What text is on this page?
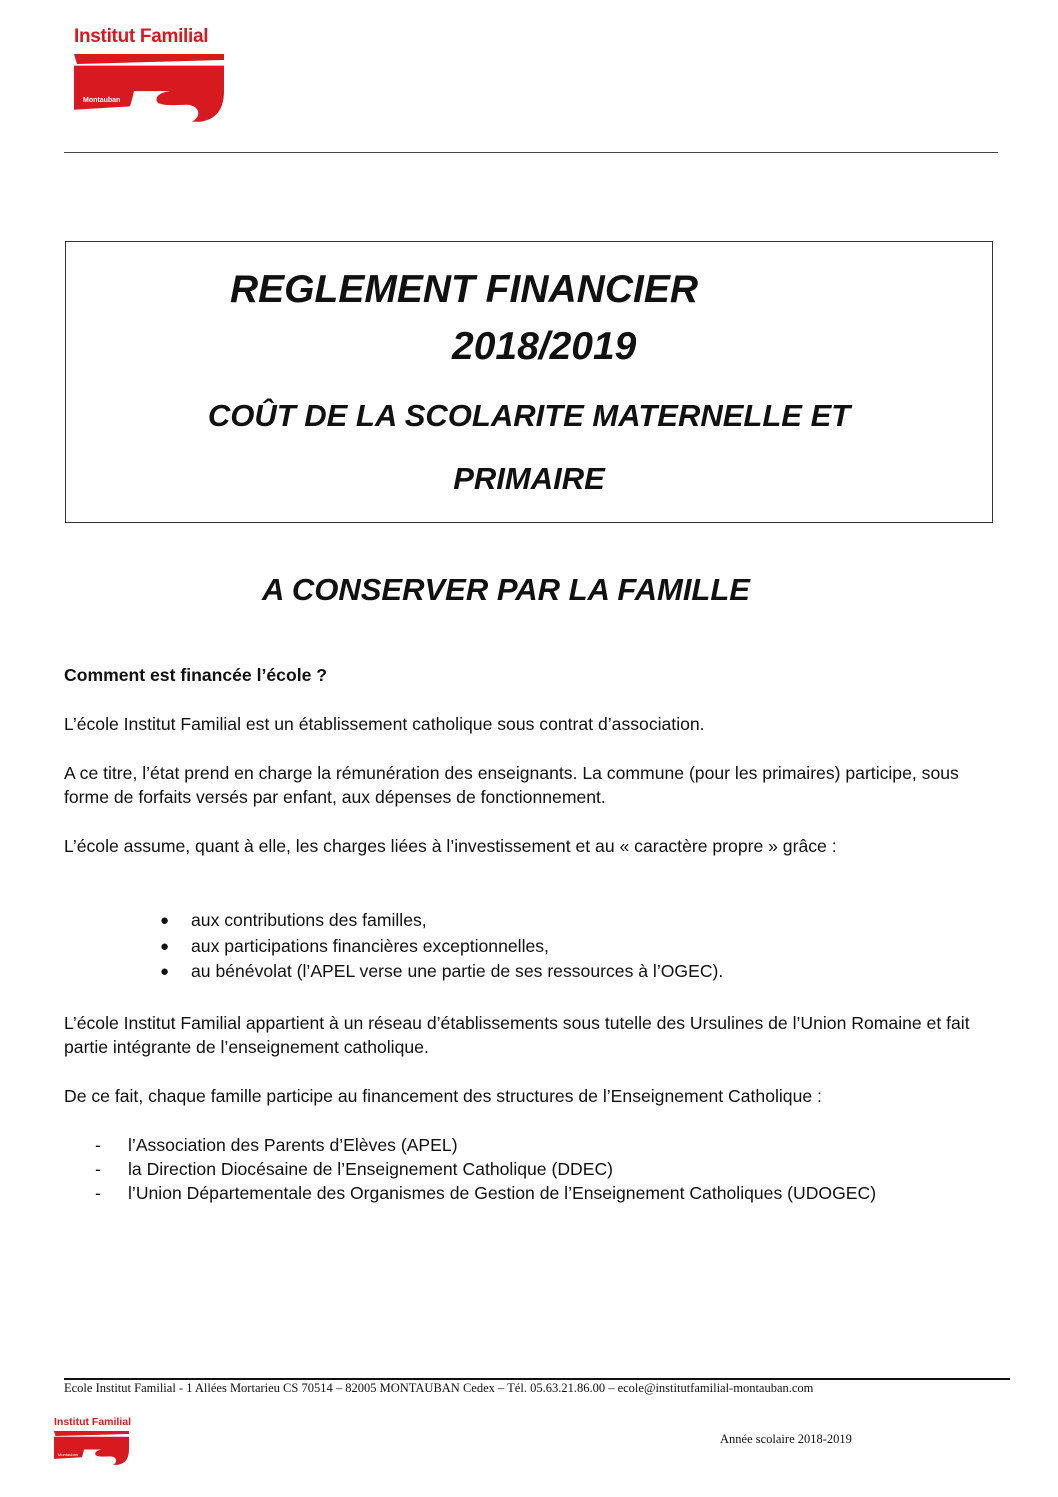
Institut Familial
Montauban
REGLEMENT FINANCIER
2018/2019
COÛT DE LA SCOLARITE MATERNELLE ET
PRIMAIRE
A CONSERVER PAR LA FAMILLE
Comment est financée l’école ?
L’école Institut Familial est un établissement catholique sous contrat d’association.
A ce titre, l’état prend en charge la rémunération des enseignants. La commune (pour les primaires) participe, sous forme de forfaits versés par enfant, aux dépenses de fonctionnement.
L’école assume, quant à elle, les charges liées à l’investissement et au « caractère propre » grâce :
●	aux contributions des familles,
●	aux participations financières exceptionnelles,
●	au bénévolat (l’APEL verse une partie de ses ressources à l’OGEC).
L’école Institut Familial appartient à un réseau d’établissements sous tutelle des Ursulines de l’Union Romaine et fait partie intégrante de l’enseignement catholique.
De ce fait, chaque famille participe au financement des structures de l’Enseignement Catholique :
-	l’Association des Parents d’Elèves (APEL)
-	la Direction Diocésaine de l’Enseignement Catholique (DDEC)
-	l’Union Départementale des Organismes de Gestion de l’Enseignement Catholiques (UDOGEC)
Ecole Institut Familial - 1 Allées Mortarieu CS 70514 – 82005 MONTAUBAN Cedex – Tél. 05.63.21.86.00 – ecole@institutfamilial-montauban.com
Institut Familial
Montauban
Année scolaire 2018-2019
